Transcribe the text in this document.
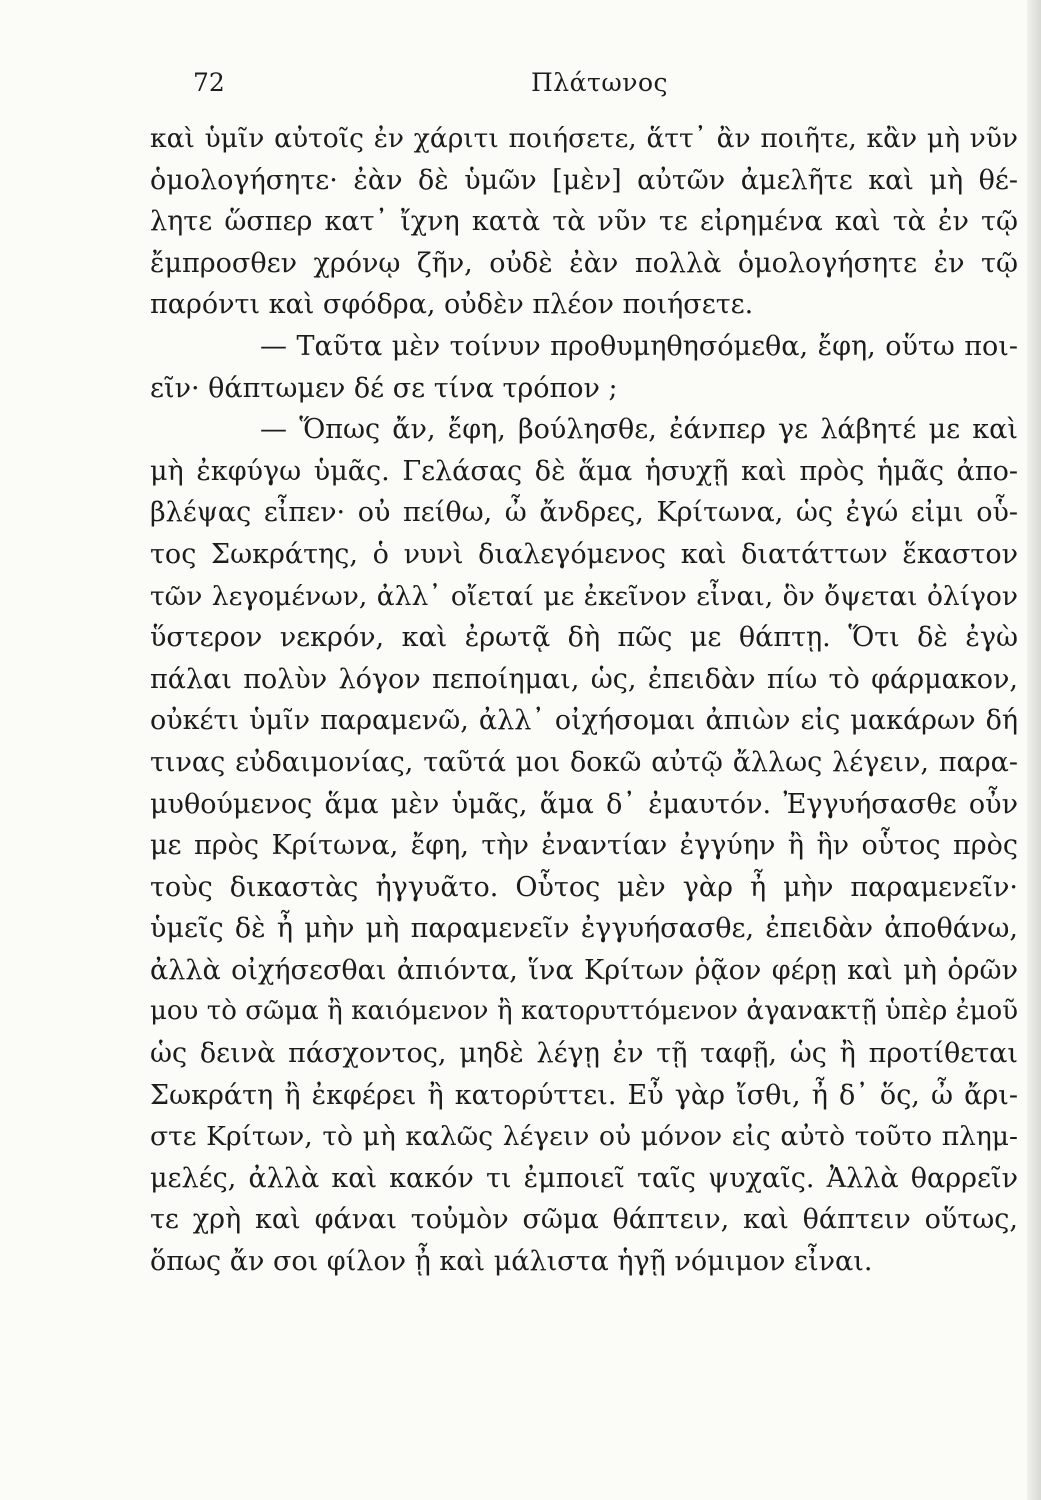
72	Πλάτωνος
καὶ ὑμῖν αὐτοῖς ἐν χάριτι ποιήσετε, ἅττ᾿ ἂν ποιῆτε, κἂν μὴ νῦν
ὁμολογήσητε· ἐὰν δὲ ὑμῶν [μὲν] αὐτῶν ἀμελῆτε καὶ μὴ θέ-
λητε ὥσπερ κατ᾿ ἴχνη κατὰ τὰ νῦν τε εἰρημένα καὶ τὰ ἐν τῷ
ἔμπροσθεν χρόνῳ ζῆν, οὐδὲ ἐὰν πολλὰ ὁμολογήσητε ἐν τῷ
παρόντι καὶ σφόδρα, οὐδὲν πλέον ποιήσετε.
— Ταῦτα μὲν τοίνυν προθυμηθησόμεθα, ἔφη, οὕτω ποι-
εῖν· θάπτωμεν δέ σε τίνα τρόπον ;
— Ὅπως ἄν, ἔφη, βούλησθε, ἐάνπερ γε λάβητέ με καὶ
μὴ ἐκφύγω ὑμᾶς. Γελάσας δὲ ἅμα ἡσυχῇ καὶ πρὸς ἡμᾶς ἀπο-
βλέψας εἶπεν· οὐ πείθω, ὦ ἄνδρες, Κρίτωνα, ὡς ἐγώ εἰμι οὗ-
τος Σωκράτης, ὁ νυνὶ διαλεγόμενος καὶ διατάττων ἕκαστον
τῶν λεγομένων, ἀλλ᾿ οἴεταί με ἐκεῖνον εἶναι, ὃν ὄψεται ὀλίγον
ὕστερον νεκρόν, καὶ ἐρωτᾷ δὴ πῶς με θάπτῃ. Ὅτι δὲ ἐγὼ
πάλαι πολὺν λόγον πεποίημαι, ὡς, ἐπειδὰν πίω τὸ φάρμακον,
οὐκέτι ὑμῖν παραμενῶ, ἀλλ᾿ οἰχήσομαι ἀπιὼν εἰς μακάρων δή
τινας εὐδαιμονίας, ταῦτά μοι δοκῶ αὐτῷ ἄλλως λέγειν, παρα-
μυθούμενος ἅμα μὲν ὑμᾶς, ἅμα δ᾿ ἐμαυτόν. Ἐγγυήσασθε οὖν
με πρὸς Κρίτωνα, ἔφη, τὴν ἐναντίαν ἐγγύην ἢ ἣν οὗτος πρὸς
τοὺς δικαστὰς ἠγγυᾶτο. Οὗτος μὲν γὰρ ἦ μὴν παραμενεῖν·
ὑμεῖς δὲ ἦ μὴν μὴ παραμενεῖν ἐγγυήσασθε, ἐπειδὰν ἀποθάνω,
ἀλλὰ οἰχήσεσθαι ἀπιόντα, ἵνα Κρίτων ῥᾷον φέρῃ καὶ μὴ ὁρῶν
μου τὸ σῶμα ἢ καιόμενον ἢ κατορυττόμενον ἀγανακτῇ ὑπὲρ ἐμοῦ
ὡς δεινὰ πάσχοντος, μηδὲ λέγῃ ἐν τῇ ταφῇ, ὡς ἢ προτίθεται
Σωκράτη ἢ ἐκφέρει ἢ κατορύττει. Εὖ γὰρ ἴσθι, ἦ δ᾿ ὅς, ὦ ἄρι-
στε Κρίτων, τὸ μὴ καλῶς λέγειν οὐ μόνον εἰς αὐτὸ τοῦτο πλημ-
μελές, ἀλλὰ καὶ κακόν τι ἐμποιεῖ ταῖς ψυχαῖς. Ἀλλὰ θαρρεῖν
τε χρὴ καὶ φάναι τοὐμὸν σῶμα θάπτειν, καὶ θάπτειν οὕτως,
ὅπως ἄν σοι φίλον ᾖ καὶ μάλιστα ἡγῇ νόμιμον εἶναι.
